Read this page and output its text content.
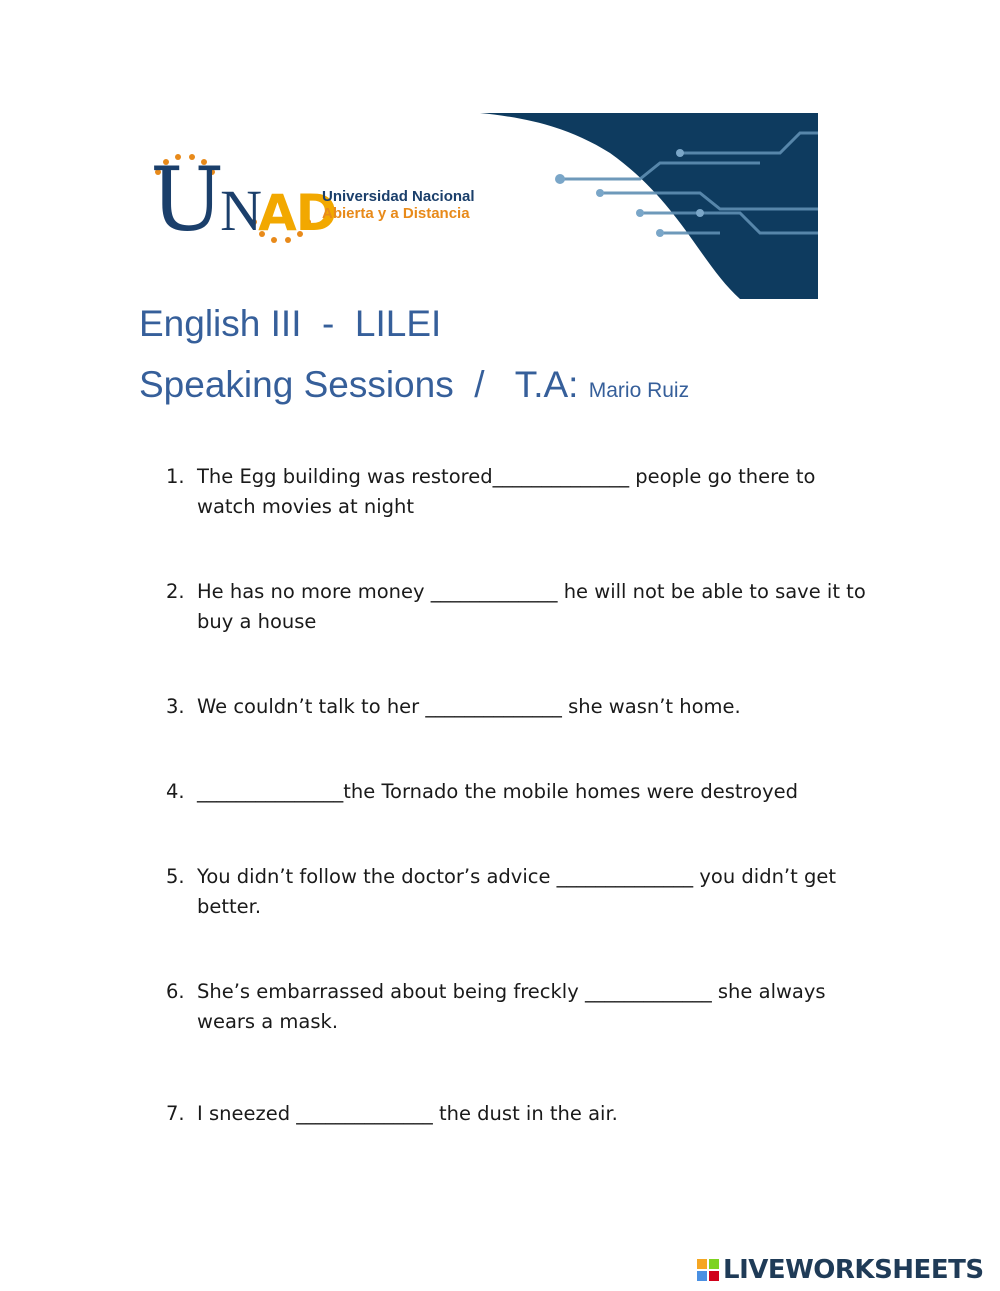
UNAD
Universidad Nacional
Abierta y a Distancia
English III  -  LILEI
Speaking Sessions  /   T.A: Mario Ruiz
1. The Egg building was restored______________ people go there to watch movies at night
2. He has no more money _____________ he will not be able to save it to buy a house
3. We couldn’t talk to her ______________ she wasn’t home.
4. _______________the Tornado the mobile homes were destroyed
5. You didn’t follow the doctor’s advice ______________ you didn’t get better.
6. She’s embarrassed about being freckly _____________ she always wears a mask.
7. I sneezed ______________ the dust in the air.
LIVEWORKSHEETS
